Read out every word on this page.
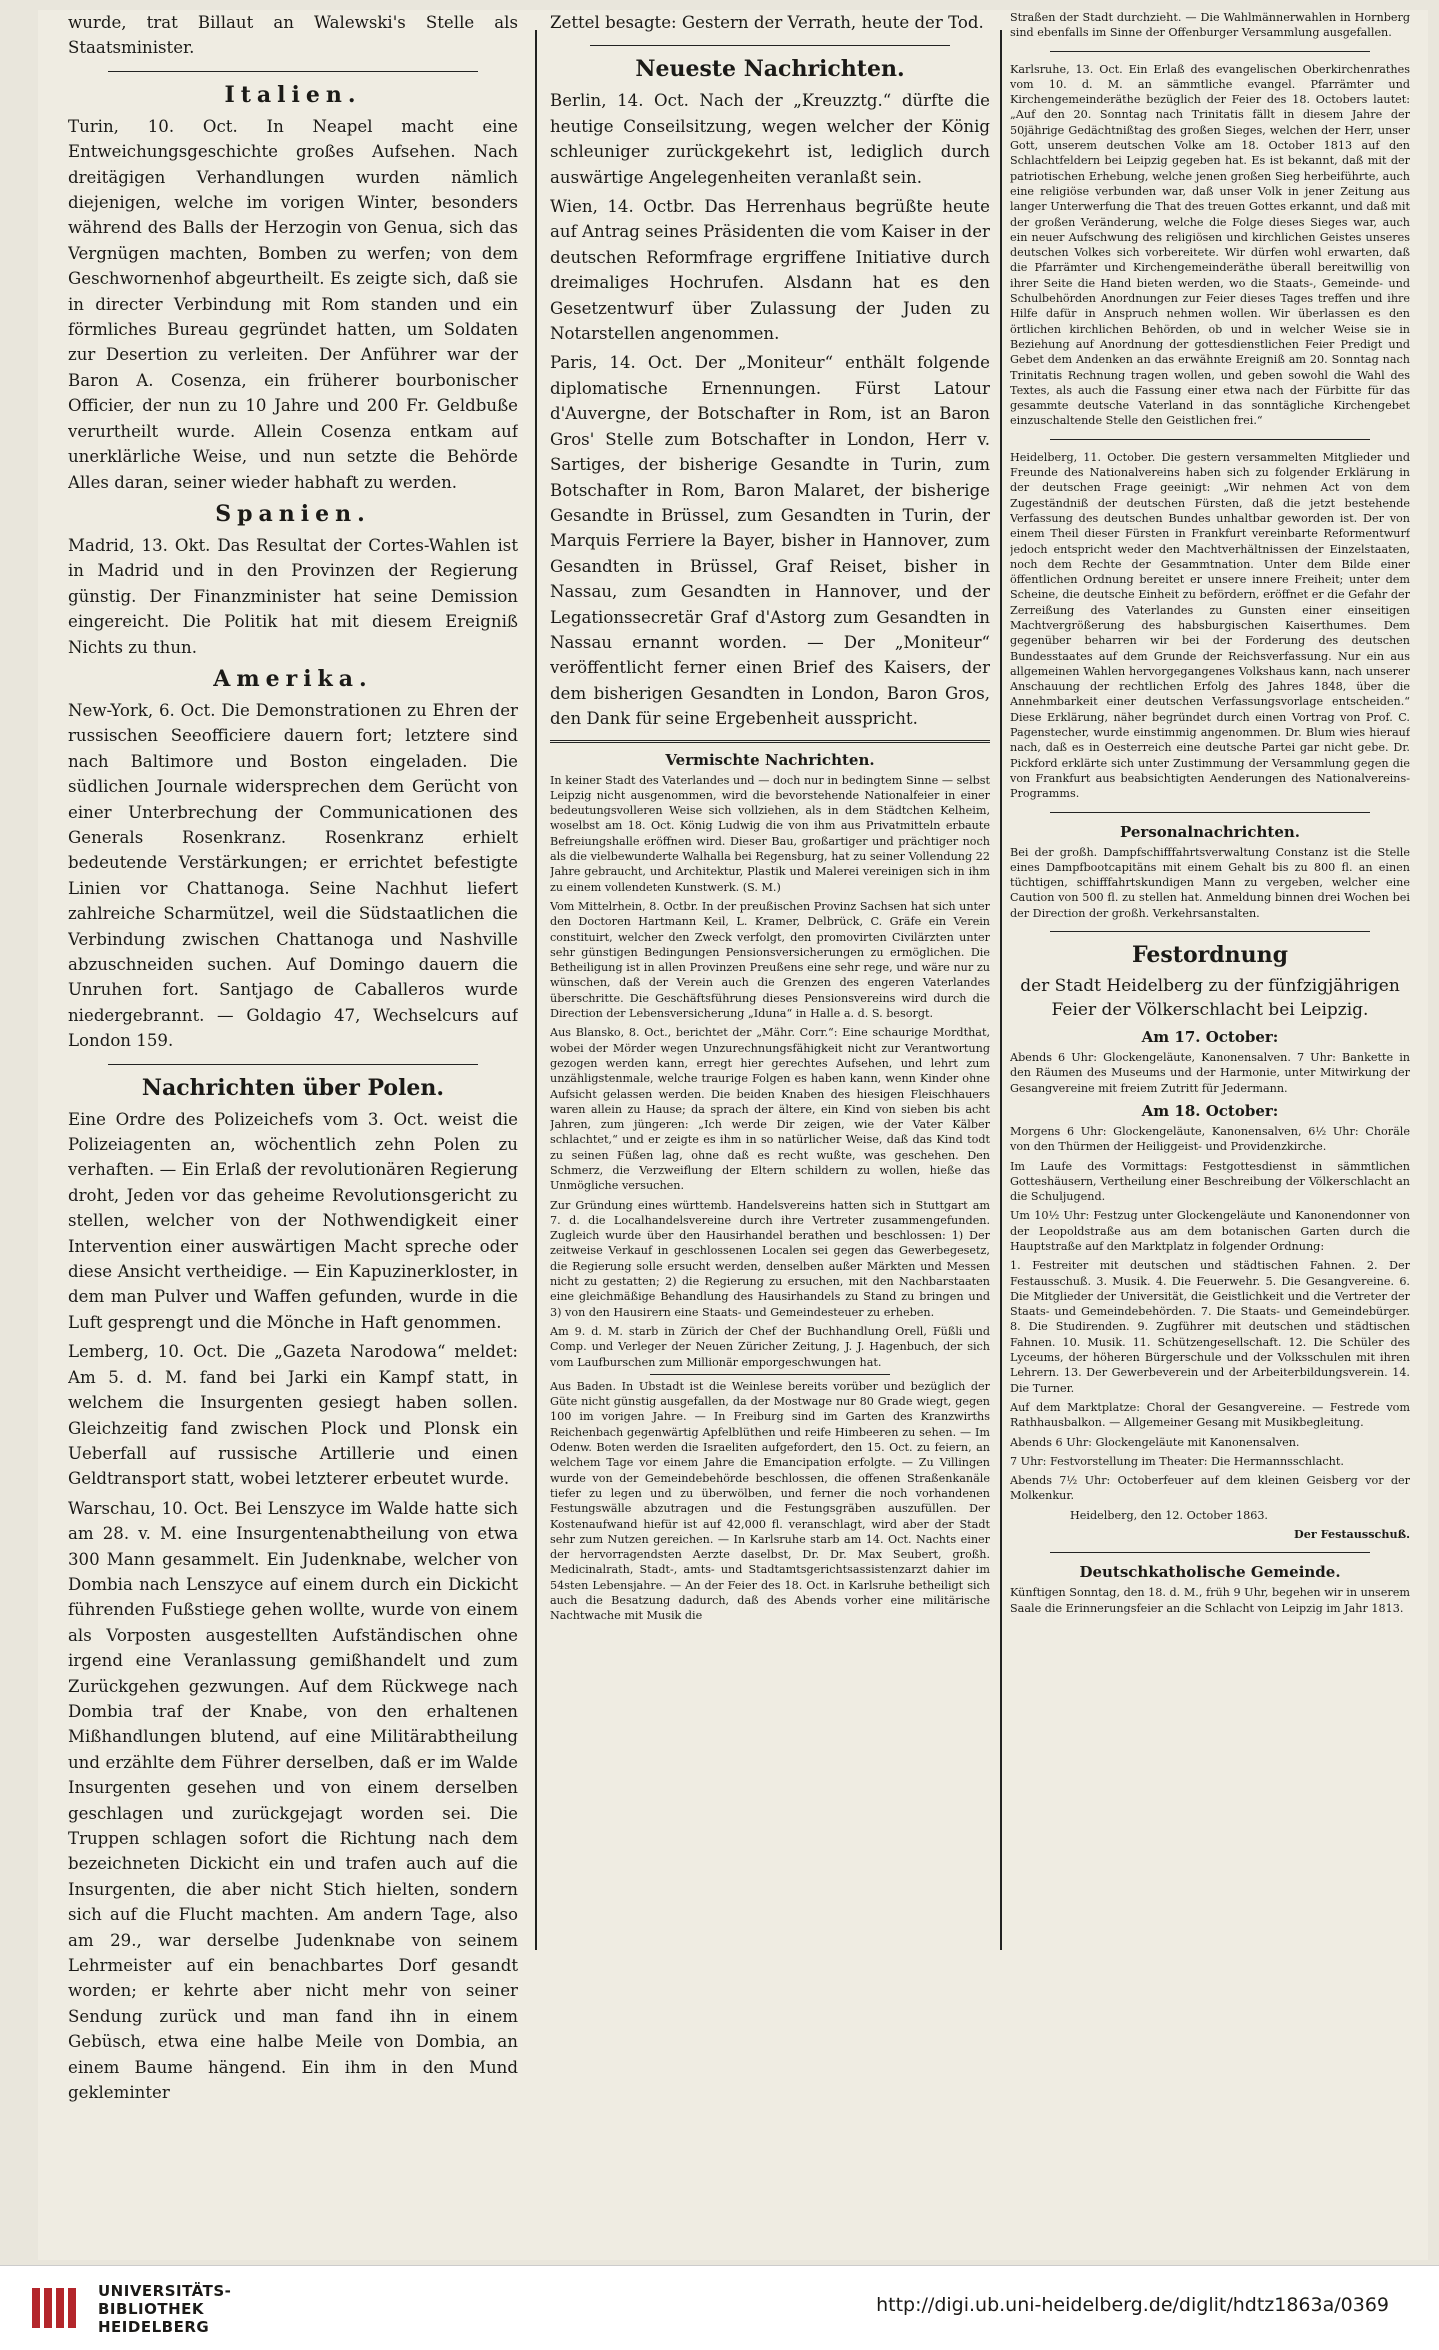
wurde, trat Billaut an Walewski's Stelle als Staatsminister.

Italien.

Turin, 10. Oct. In Neapel macht eine Entweichungsgeschichte großes Aufsehen. Nach dreitägigen Verhandlungen wurden nämlich diejenigen, welche im vorigen Winter, besonders während des Balls der Herzogin von Genua, sich das Vergnügen machten, Bomben zu werfen; von dem Geschwornenhof abgeurtheilt. Es zeigte sich, daß sie in directer Verbindung mit Rom standen und ein förmliches Bureau gegründet hatten, um Soldaten zur Desertion zu verleiten. Der Anführer war der Baron A. Cosenza, ein früherer bourbonischer Officier, der nun zu 10 Jahre und 200 Fr. Geldbuße verurtheilt wurde. Allein Cosenza entkam auf unerklärliche Weise, und nun setzte die Behörde Alles daran, seiner wieder habhaft zu werden.

Spanien.

Madrid, 13. Okt. Das Resultat der Cortes-Wahlen ist in Madrid und in den Provinzen der Regierung günstig. Der Finanzminister hat seine Demission eingereicht. Die Politik hat mit diesem Ereigniß Nichts zu thun.

Amerika.

New-York, 6. Oct. Die Demonstrationen zu Ehren der russischen Seeofficiere dauern fort; letztere sind nach Baltimore und Boston eingeladen. Die südlichen Journale widersprechen dem Gerücht von einer Unterbrechung der Communicationen des Generals Rosenkranz. Rosenkranz erhielt bedeutende Verstärkungen; er errichtet befestigte Linien vor Chattanoga. Seine Nachhut liefert zahlreiche Scharmützel, weil die Südstaatlichen die Verbindung zwischen Chattanoga und Nashville abzuschneiden suchen. Auf Domingo dauern die Unruhen fort. Santjago de Caballeros wurde niedergebrannt. — Goldagio 47, Wechselcurs auf London 159.

Nachrichten über Polen.

Eine Ordre des Polizeichefs vom 3. Oct. weist die Polizeiagenten an, wöchentlich zehn Polen zu verhaften. — Ein Erlaß der revolutionären Regierung droht, Jeden vor das geheime Revolutionsgericht zu stellen, welcher von der Nothwendigkeit einer Intervention einer auswärtigen Macht spreche oder diese Ansicht vertheidige. — Ein Kapuzinerkloster, in dem man Pulver und Waffen gefunden, wurde in die Luft gesprengt und die Mönche in Haft genommen.

Lemberg, 10. Oct. Die „Gazeta Narodowa“ meldet: Am 5. d. M. fand bei Jarki ein Kampf statt, in welchem die Insurgenten gesiegt haben sollen. Gleichzeitig fand zwischen Plock und Plonsk ein Ueberfall auf russische Artillerie und einen Geldtransport statt, wobei letzterer erbeutet wurde.

Warschau, 10. Oct. Bei Lenszyce im Walde hatte sich am 28. v. M. eine Insurgentenabtheilung von etwa 300 Mann gesammelt. Ein Judenknabe, welcher von Dombia nach Lenszyce auf einem durch ein Dickicht führenden Fußstiege gehen wollte, wurde von einem als Vorposten ausgestellten Aufständischen ohne irgend eine Veranlassung gemißhandelt und zum Zurückgehen gezwungen. Auf dem Rückwege nach Dombia traf der Knabe, von den erhaltenen Mißhandlungen blutend, auf eine Militärabtheilung und erzählte dem Führer derselben, daß er im Walde Insurgenten gesehen und von einem derselben geschlagen und zurückgejagt worden sei. Die Truppen schlagen sofort die Richtung nach dem bezeichneten Dickicht ein und trafen auch auf die Insurgenten, die aber nicht Stich hielten, sondern sich auf die Flucht machten. Am andern Tage, also am 29., war derselbe Judenknabe von seinem Lehrmeister auf ein benachbartes Dorf gesandt worden; er kehrte aber nicht mehr von seiner Sendung zurück und man fand ihn in einem Gebüsch, etwa eine halbe Meile von Dombia, an einem Baume hängend. Ein ihm in den Mund gekleminter

Zettel besagte: Gestern der Verrath, heute der Tod.

Neueste Nachrichten.

Berlin, 14. Oct. Nach der „Kreuzztg.“ dürfte die heutige Conseilsitzung, wegen welcher der König schleuniger zurückgekehrt ist, lediglich durch auswärtige Angelegenheiten veranlaßt sein.

Wien, 14. Octbr. Das Herrenhaus begrüßte heute auf Antrag seines Präsidenten die vom Kaiser in der deutschen Reformfrage ergriffene Initiative durch dreimaliges Hochrufen. Alsdann hat es den Gesetzentwurf über Zulassung der Juden zu Notarstellen angenommen.

Paris, 14. Oct. Der „Moniteur“ enthält folgende diplomatische Ernennungen. Fürst Latour d'Auvergne, der Botschafter in Rom, ist an Baron Gros' Stelle zum Botschafter in London, Herr v. Sartiges, der bisherige Gesandte in Turin, zum Botschafter in Rom, Baron Malaret, der bisherige Gesandte in Brüssel, zum Gesandten in Turin, der Marquis Ferriere la Bayer, bisher in Hannover, zum Gesandten in Brüssel, Graf Reiset, bisher in Nassau, zum Gesandten in Hannover, und der Legationssecretär Graf d'Astorg zum Gesandten in Nassau ernannt worden. — Der „Moniteur“ veröffentlicht ferner einen Brief des Kaisers, der dem bisherigen Gesandten in London, Baron Gros, den Dank für seine Ergebenheit ausspricht.

Vermischte Nachrichten.

In keiner Stadt des Vaterlandes und — doch nur in bedingtem Sinne — selbst Leipzig nicht ausgenommen, wird die bevorstehende Nationalfeier in einer bedeutungsvolleren Weise sich vollziehen, als in dem Städtchen Kelheim, woselbst am 18. Oct. König Ludwig die von ihm aus Privatmitteln erbaute Befreiungshalle eröffnen wird. Dieser Bau, großartiger und prächtiger noch als die vielbewunderte Walhalla bei Regensburg, hat zu seiner Vollendung 22 Jahre gebraucht, und Architektur, Plastik und Malerei vereinigen sich in ihm zu einem vollendeten Kunstwerk. (S. M.)

Vom Mittelrhein, 8. Octbr. In der preußischen Provinz Sachsen hat sich unter den Doctoren Hartmann Keil, L. Kramer, Delbrück, C. Gräfe ein Verein constituirt, welcher den Zweck verfolgt, den promovirten Civilärzten unter sehr günstigen Bedingungen Pensionsversicherungen zu ermöglichen. Die Betheiligung ist in allen Provinzen Preußens eine sehr rege, und wäre nur zu wünschen, daß der Verein auch die Grenzen des engeren Vaterlandes überschritte. Die Geschäftsführung dieses Pensionsvereins wird durch die Direction der Lebensversicherung „Iduna“ in Halle a. d. S. besorgt.

Aus Blansko, 8. Oct., berichtet der „Mähr. Corr.“: Eine schaurige Mordthat, wobei der Mörder wegen Unzurechnungsfähigkeit nicht zur Verantwortung gezogen werden kann, erregt hier gerechtes Aufsehen, und lehrt zum unzähligstenmale, welche traurige Folgen es haben kann, wenn Kinder ohne Aufsicht gelassen werden. Die beiden Knaben des hiesigen Fleischhauers waren allein zu Hause; da sprach der ältere, ein Kind von sieben bis acht Jahren, zum jüngeren: „Ich werde Dir zeigen, wie der Vater Kälber schlachtet,“ und er zeigte es ihm in so natürlicher Weise, daß das Kind todt zu seinen Füßen lag, ohne daß es recht wußte, was geschehen. Den Schmerz, die Verzweiflung der Eltern schildern zu wollen, hieße das Unmögliche versuchen.

Zur Gründung eines württemb. Handelsvereins hatten sich in Stuttgart am 7. d. die Localhandelsvereine durch ihre Vertreter zusammengefunden. Zugleich wurde über den Hausirhandel berathen und beschlossen: 1) Der zeitweise Verkauf in geschlossenen Localen sei gegen das Gewerbegesetz, die Regierung solle ersucht werden, denselben außer Märkten und Messen nicht zu gestatten; 2) die Regierung zu ersuchen, mit den Nachbarstaaten eine gleichmäßige Behandlung des Hausirhandels zu Stand zu bringen und 3) von den Hausirern eine Staats- und Gemeindesteuer zu erheben.

Am 9. d. M. starb in Zürich der Chef der Buchhandlung Orell, Füßli und Comp. und Verleger der Neuen Züricher Zeitung, J. J. Hagenbuch, der sich vom Laufburschen zum Millionär emporgeschwungen hat.

Aus Baden. In Ubstadt ist die Weinlese bereits vorüber und bezüglich der Güte nicht günstig ausgefallen, da der Mostwage nur 80 Grade wiegt, gegen 100 im vorigen Jahre. — In Freiburg sind im Garten des Kranzwirths Reichenbach gegenwärtig Apfelblüthen und reife Himbeeren zu sehen. — Im Odenw. Boten werden die Israeliten aufgefordert, den 15. Oct. zu feiern, an welchem Tage vor einem Jahre die Emancipation erfolgte. — Zu Villingen wurde von der Gemeindebehörde beschlossen, die offenen Straßenkanäle tiefer zu legen und zu überwölben, und ferner die noch vorhandenen Festungswälle abzutragen und die Festungsgräben auszufüllen. Der Kostenaufwand hiefür ist auf 42,000 fl. veranschlagt, wird aber der Stadt sehr zum Nutzen gereichen. — In Karlsruhe starb am 14. Oct. Nachts einer der hervorragendsten Aerzte daselbst, Dr. Dr. Max Seubert, großh. Medicinalrath, Stadt-, amts- und Stadtamtsgerichtsassistenzarzt dahier im 54sten Lebensjahre. — An der Feier des 18. Oct. in Karlsruhe betheiligt sich auch die Besatzung dadurch, daß des Abends vorher eine militärische Nachtwache mit Musik die

Straßen der Stadt durchzieht. — Die Wahlmännerwahlen in Hornberg sind ebenfalls im Sinne der Offenburger Versammlung ausgefallen.

Karlsruhe, 13. Oct. Ein Erlaß des evangelischen Oberkirchenrathes vom 10. d. M. an sämmtliche evangel. Pfarrämter und Kirchengemeinderäthe bezüglich der Feier des 18. Octobers lautet: „Auf den 20. Sonntag nach Trinitatis fällt in diesem Jahre der 50jährige Gedächtnißtag des großen Sieges, welchen der Herr, unser Gott, unserem deutschen Volke am 18. October 1813 auf den Schlachtfeldern bei Leipzig gegeben hat. Es ist bekannt, daß mit der patriotischen Erhebung, welche jenen großen Sieg herbeiführte, auch eine religiöse verbunden war, daß unser Volk in jener Zeitung aus langer Unterwerfung die That des treuen Gottes erkannt, und daß mit der großen Veränderung, welche die Folge dieses Sieges war, auch ein neuer Aufschwung des religiösen und kirchlichen Geistes unseres deutschen Volkes sich vorbereitete. Wir dürfen wohl erwarten, daß die Pfarrämter und Kirchengemeinderäthe überall bereitwillig von ihrer Seite die Hand bieten werden, wo die Staats-, Gemeinde- und Schulbehörden Anordnungen zur Feier dieses Tages treffen und ihre Hilfe dafür in Anspruch nehmen wollen. Wir überlassen es den örtlichen kirchlichen Behörden, ob und in welcher Weise sie in Beziehung auf Anordnung der gottesdienstlichen Feier Predigt und Gebet dem Andenken an das erwähnte Ereigniß am 20. Sonntag nach Trinitatis Rechnung tragen wollen, und geben sowohl die Wahl des Textes, als auch die Fassung einer etwa nach der Fürbitte für das gesammte deutsche Vaterland in das sonntägliche Kirchengebet einzuschaltende Stelle den Geistlichen frei.“

Heidelberg, 11. October. Die gestern versammelten Mitglieder und Freunde des Nationalvereins haben sich zu folgender Erklärung in der deutschen Frage geeinigt: „Wir nehmen Act von dem Zugeständniß der deutschen Fürsten, daß die jetzt bestehende Verfassung des deutschen Bundes unhaltbar geworden ist. Der von einem Theil dieser Fürsten in Frankfurt vereinbarte Reformentwurf jedoch entspricht weder den Machtverhältnissen der Einzelstaaten, noch dem Rechte der Gesammtnation. Unter dem Bilde einer öffentlichen Ordnung bereitet er unsere innere Freiheit; unter dem Scheine, die deutsche Einheit zu befördern, eröffnet er die Gefahr der Zerreißung des Vaterlandes zu Gunsten einer einseitigen Machtvergrößerung des habsburgischen Kaiserthumes. Dem gegenüber beharren wir bei der Forderung des deutschen Bundesstaates auf dem Grunde der Reichsverfassung. Nur ein aus allgemeinen Wahlen hervorgegangenes Volkshaus kann, nach unserer Anschauung der rechtlichen Erfolg des Jahres 1848, über die Annehmbarkeit einer deutschen Verfassungsvorlage entscheiden.“ Diese Erklärung, näher begründet durch einen Vortrag von Prof. C. Pagenstecher, wurde einstimmig angenommen. Dr. Blum wies hierauf nach, daß es in Oesterreich eine deutsche Partei gar nicht gebe. Dr. Pickford erklärte sich unter Zustimmung der Versammlung gegen die von Frankfurt aus beabsichtigten Aenderungen des Nationalvereins-Programms.

Personalnachrichten.

Bei der großh. Dampfschifffahrtsverwaltung Constanz ist die Stelle eines Dampfbootcapitäns mit einem Gehalt bis zu 800 fl. an einen tüchtigen, schifffahrtskundigen Mann zu vergeben, welcher eine Caution von 500 fl. zu stellen hat. Anmeldung binnen drei Wochen bei der Direction der großh. Verkehrsanstalten.

Festordnung
der Stadt Heidelberg zu der fünfzigjährigen Feier der Völkerschlacht bei Leipzig.
Am 17. October:

Abends 6 Uhr: Glockengeläute, Kanonensalven. 7 Uhr: Bankette in den Räumen des Museums und der Harmonie, unter Mitwirkung der Gesangvereine mit freiem Zutritt für Jedermann.

Am 18. October:

Morgens 6 Uhr: Glockengeläute, Kanonensalven, 6½ Uhr: Choräle von den Thürmen der Heiliggeist- und Providenzkirche.

Im Laufe des Vormittags: Festgottesdienst in sämmtlichen Gotteshäusern, Vertheilung einer Beschreibung der Völkerschlacht an die Schuljugend.

Um 10½ Uhr: Festzug unter Glockengeläute und Kanonendonner von der Leopoldstraße aus am dem botanischen Garten durch die Hauptstraße auf den Marktplatz in folgender Ordnung:

1. Festreiter mit deutschen und städtischen Fahnen. 2. Der Festausschuß. 3. Musik. 4. Die Feuerwehr. 5. Die Gesangvereine. 6. Die Mitglieder der Universität, die Geistlichkeit und die Vertreter der Staats- und Gemeindebehörden. 7. Die Staats- und Gemeindebürger. 8. Die Studirenden. 9. Zugführer mit deutschen und städtischen Fahnen. 10. Musik. 11. Schützengesellschaft. 12. Die Schüler des Lyceums, der höheren Bürgerschule und der Volksschulen mit ihren Lehrern. 13. Der Gewerbeverein und der Arbeiterbildungsverein. 14. Die Turner.

Auf dem Marktplatze: Choral der Gesangvereine. — Festrede vom Rathhausbalkon. — Allgemeiner Gesang mit Musikbegleitung.

Abends 6 Uhr: Glockengeläute mit Kanonensalven.

7 Uhr: Festvorstellung im Theater: Die Hermannsschlacht.

Abends 7½ Uhr: Octoberfeuer auf dem kleinen Geisberg vor der Molkenkur.

Heidelberg, den 12. October 1863.

Der Festausschuß.

Deutschkatholische Gemeinde.

Künftigen Sonntag, den 18. d. M., früh 9 Uhr, begehen wir in unserem Saale die Erinnerungsfeier an die Schlacht von Leipzig im Jahr 1813.

UNIVERSITÄTS-
BIBLIOTHEK
HEIDELBERG
http://digi.ub.uni-heidelberg.de/diglit/hdtz1863a/0369
